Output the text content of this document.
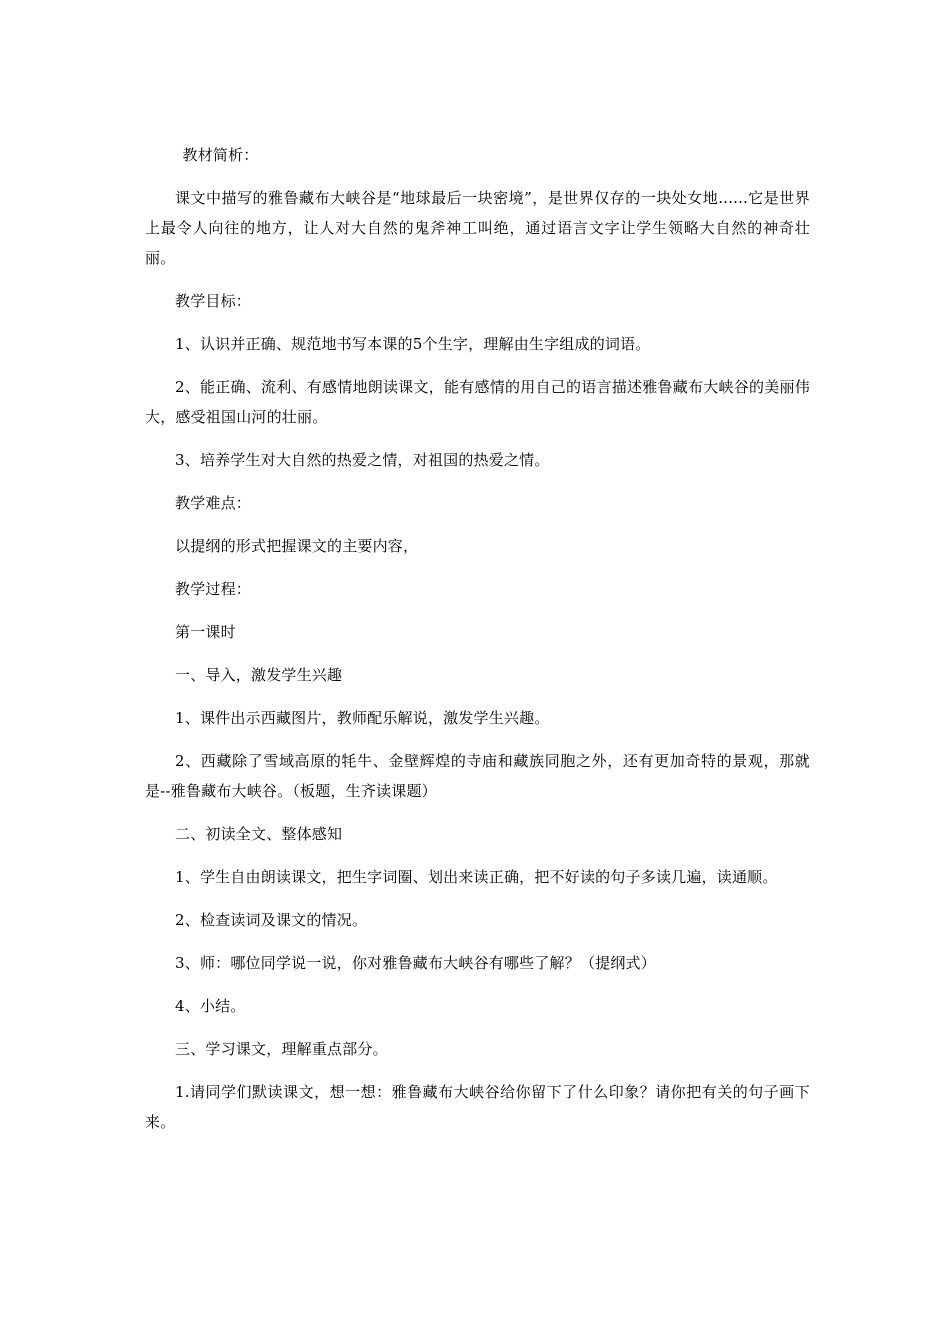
教材简析：

课文中描写的雅鲁藏布大峡谷是“地球最后一块密境”，是世界仅存的一块处女地......它是世界上最令人向往的地方，让人对大自然的鬼斧神工叫绝，通过语言文字让学生领略大自然的神奇壮丽。

教学目标：

1、认识并正确、规范地书写本课的5个生字，理解由生字组成的词语。

2、能正确、流利、有感情地朗读课文，能有感情的用自己的语言描述雅鲁藏布大峡谷的美丽伟大，感受祖国山河的壮丽。

3、培养学生对大自然的热爱之情，对祖国的热爱之情。

教学难点：

以提纲的形式把握课文的主要内容，

教学过程：

第一课时

一、导入，激发学生兴趣

1、课件出示西藏图片，教师配乐解说，激发学生兴趣。

2、西藏除了雪域高原的牦牛、金壁辉煌的寺庙和藏族同胞之外，还有更加奇特的景观，那就是--雅鲁藏布大峡谷。（板题，生齐读课题）

二、初读全文、整体感知

1、学生自由朗读课文，把生字词圈、划出来读正确，把不好读的句子多读几遍，读通顺。

2、检查读词及课文的情况。

3、师：哪位同学说一说，你对雅鲁藏布大峡谷有哪些了解？（提纲式）

4、小结。

三、学习课文，理解重点部分。

1.请同学们默读课文，想一想：雅鲁藏布大峡谷给你留下了什么印象？请你把有关的句子画下来。
